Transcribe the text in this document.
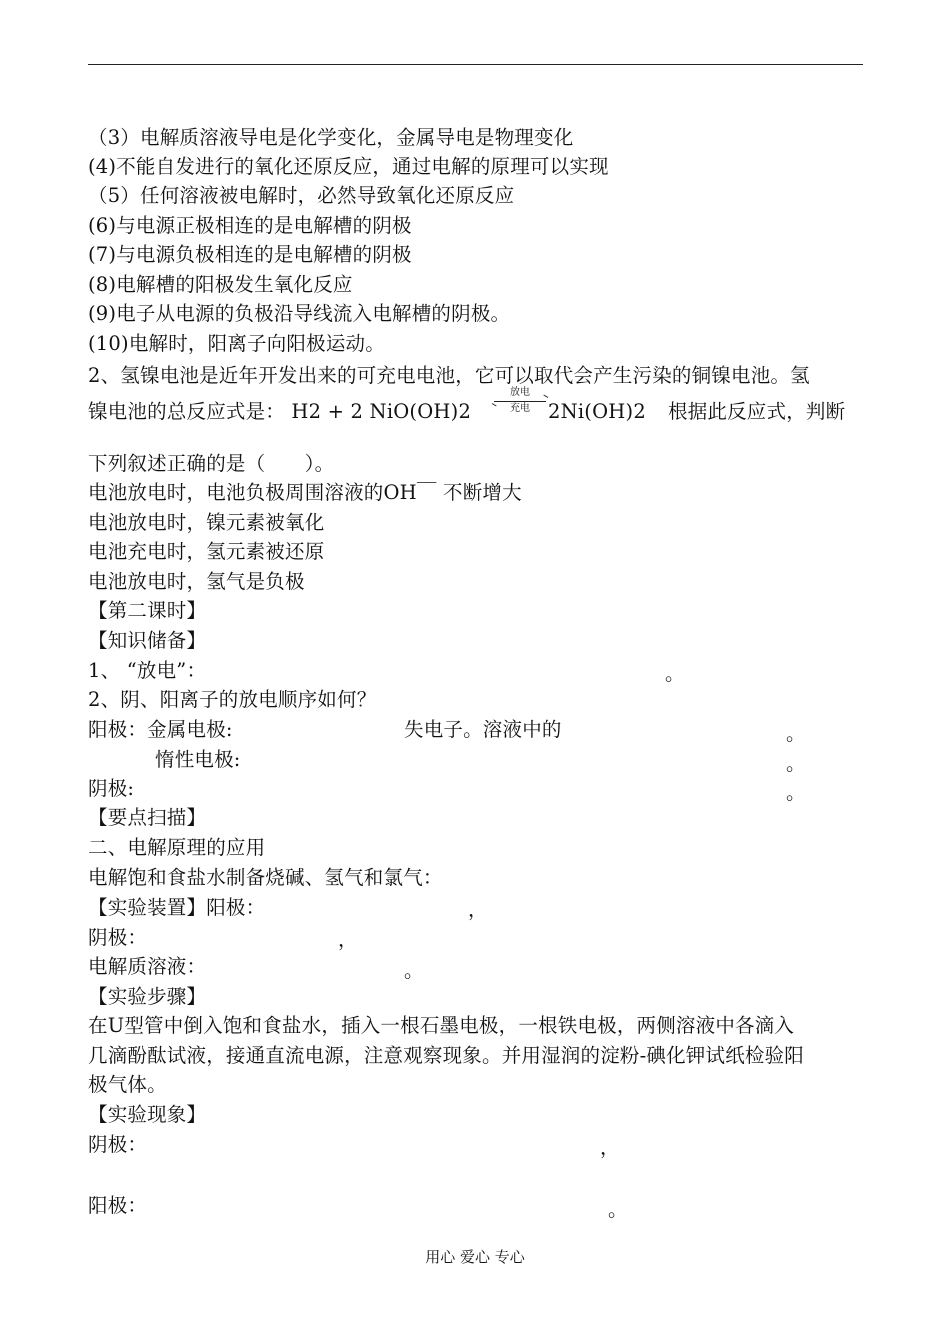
（3）电解质溶液导电是化学变化，金属导电是物理变化
(4)不能自发进行的氧化还原反应，通过电解的原理可以实现
（5）任何溶液被电解时，必然导致氧化还原反应
(6)与电源正极相连的是电解槽的阴极
(7)与电源负极相连的是电解槽的阴极
(8)电解槽的阳极发生氧化反应
(9)电子从电源的负极沿导线流入电解槽的阴极。
(10)电解时，阳离子向阳极运动。
2、氢镍电池是近年开发出来的可充电电池，它可以取代会产生污染的铜镍电池。氢
镍电池的总反应式是： H2 + 2 NiO(OH)2
放电
充电 2Ni(OH)2 根据此反应式，判断
下列叙述正确的是（　　）。
电池放电时，电池负极周围溶液的OH￣ 不断增大
电池放电时，镍元素被氧化
电池充电时，氢元素被还原
电池放电时，氢气是负极
【第二课时】
【知识储备】
1、 “放电”：	。
2、阴、阳离子的放电顺序如何？
阳极：金属电极:	失电子。溶液中的	。
惰性电极:	。
阴极:	。
【要点扫描】
二、电解原理的应用
电解饱和食盐水制备烧碱、氢气和氯气：
【实验装置】阳极：	，
阴极：	，
电解质溶液：	。
【实验步骤】
在U型管中倒入饱和食盐水，插入一根石墨电极，一根铁电极，两侧溶液中各滴入
几滴酚酞试液，接通直流电源，注意观察现象。并用湿润的淀粉-碘化钾试纸检验阳
极气体。
【实验现象】
阴极：	，
阳极：	。
用心 爱心 专心
